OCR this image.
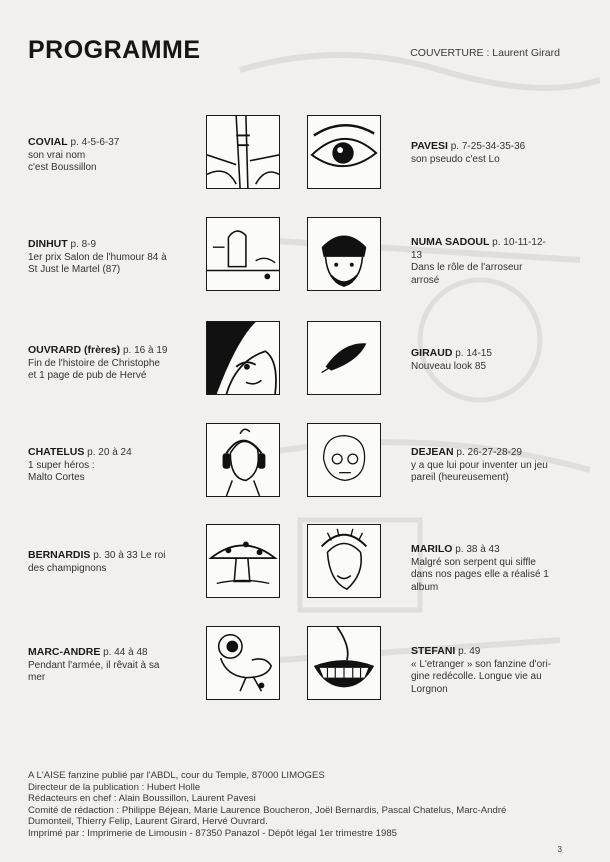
PROGRAMME	COUVERTURE : Laurent Girard
COVIAL p. 4-5-6-37
son vrai nom
c'est Boussillon
PAVESI p. 7-25-34-35-36
son pseudo c'est Lo
DINHUT p. 8-9
1er prix Salon de l'humour 84 à
St Just le Martel (87)
NUMA SADOUL p. 10-11-12-
13

Dans le rôle de l'arroseur
arrosé
OUVRARD (frères) p. 16 à 19
Fin de l'histoire de Christophe
et 1 page de pub de Hervé
GIRAUD p. 14-15
Nouveau look 85
CHATELUS p. 20 à 24
1 super héros :
Malto Cortes
DEJEAN p. 26-27-28-29
y a que lui pour inventer un jeu
pareil (heureusement)
BERNARDIS p. 30 à 33 Le roi
des champignons
MARILO p. 38 à 43

Malgré son serpent qui siffle
dans nos pages elle a réalisé 1
album
MARC-ANDRE p. 44 à 48
Pendant l'armée, il rêvait à sa
mer
STEFANI p. 49
« L'etranger » son fanzine d'ori-
gine redécolle. Longue vie au
Lorgnon
A L'AISE fanzine publié par l'ABDL, cour du Temple, 87000 LIMOGES
Directeur de la publication : Hubert Holle
Rédacteurs en chef : Alain Boussillon, Laurent Pavesi
Comité de rédaction : Philippe Béjean, Marie Laurence Boucheron, Joël Bernardis, Pascal Chatelus, Marc-André
Dumonteil, Thierry Felip, Laurent Girard, Hervé Ouvrard.
Imprimé par : Imprimerie de Limousin - 87350 Panazol - Dépôt légal 1er trimestre 1985
3
